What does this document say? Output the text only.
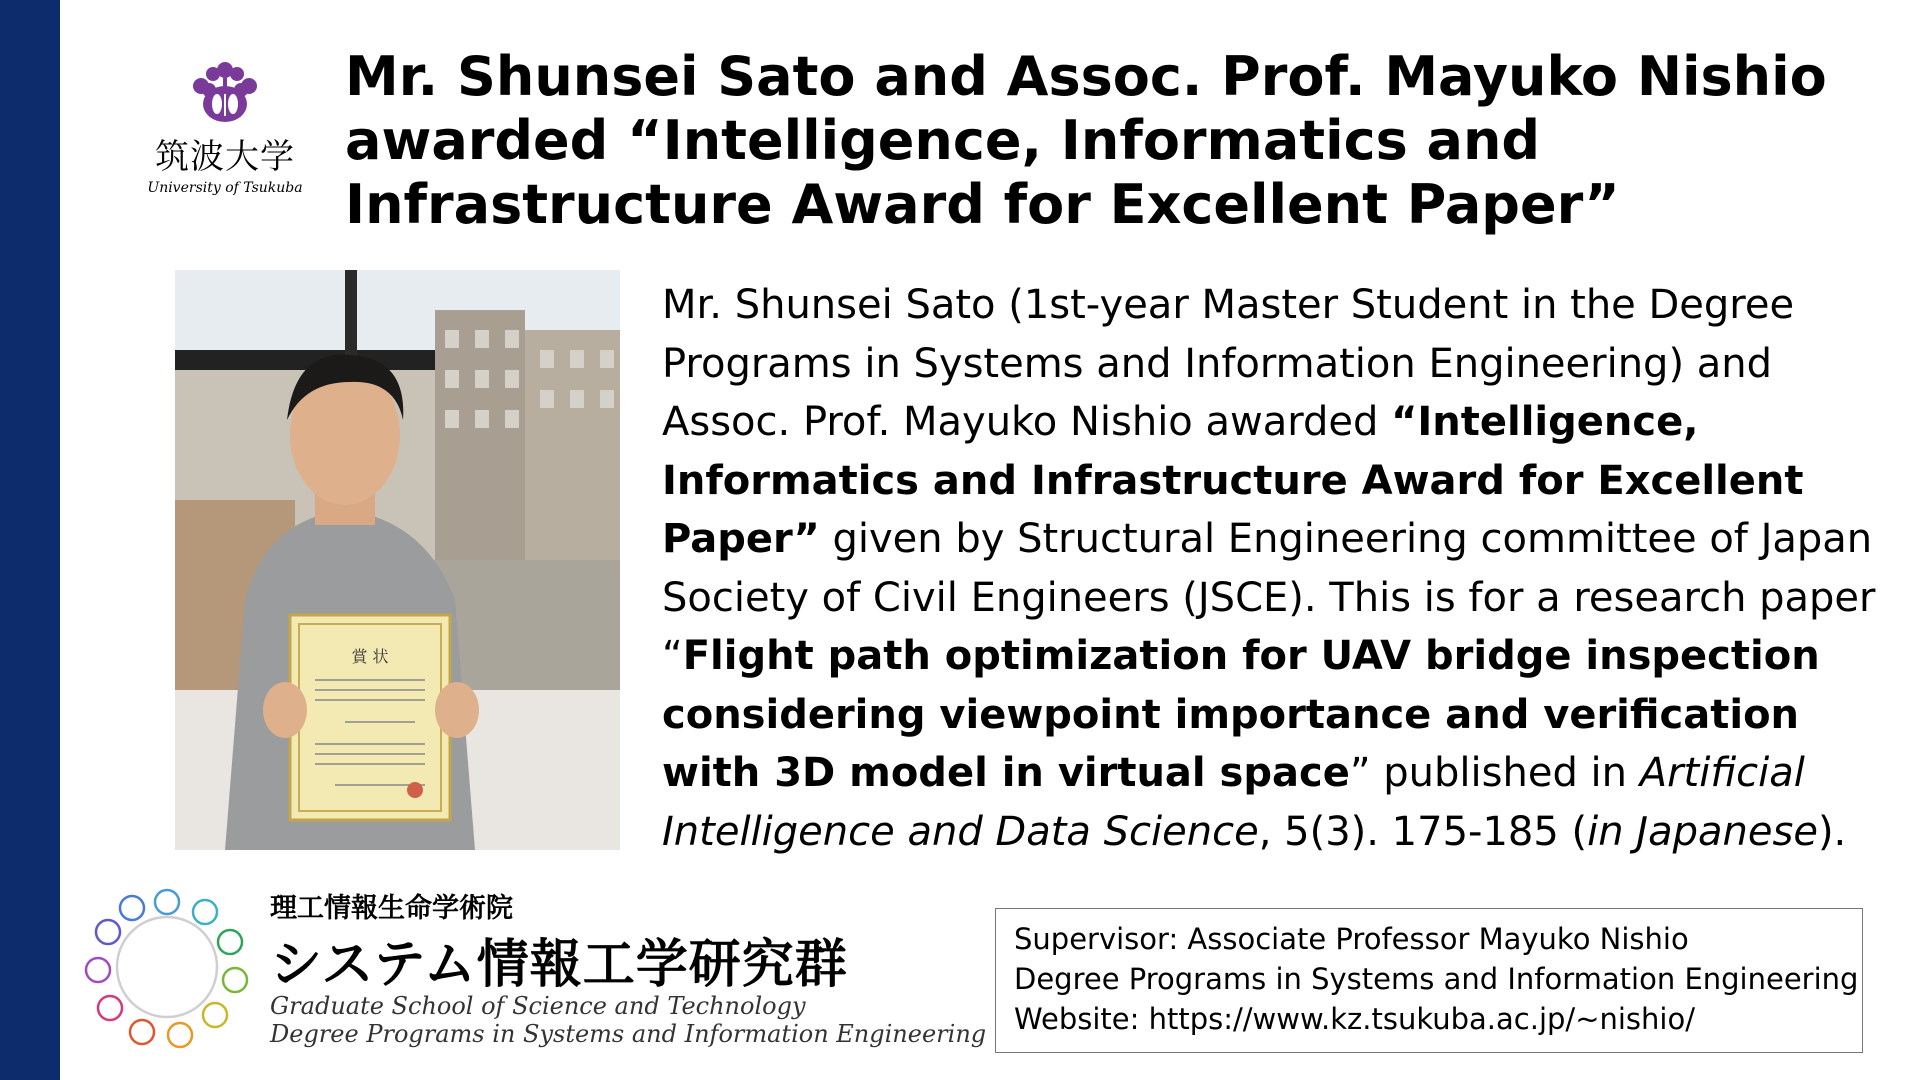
筑波大学
University of Tsukuba
Mr. Shunsei Sato and Assoc. Prof. Mayuko Nishio awarded “Intelligence, Informatics and Infrastructure Award for Excellent Paper”
賞 状
Mr. Shunsei Sato (1st-year Master Student in the Degree Programs in Systems and Information Engineering) and Assoc. Prof. Mayuko Nishio awarded “Intelligence, Informatics and Infrastructure Award for Excellent Paper” given by Structural Engineering committee of Japan Society of Civil Engineers (JSCE). This is for a research paper “Flight path optimization for UAV bridge inspection considering viewpoint importance and verification with 3D model in virtual space” published in Artificial Intelligence and Data Science, 5(3). 175-185 (in Japanese).
理工情報生命学術院
システム情報工学研究群
Graduate School of Science and Technology
Degree Programs in Systems and Information Engineering
Supervisor: Associate Professor Mayuko Nishio
Degree Programs in Systems and Information Engineering
Website: https://www.kz.tsukuba.ac.jp/~nishio/
